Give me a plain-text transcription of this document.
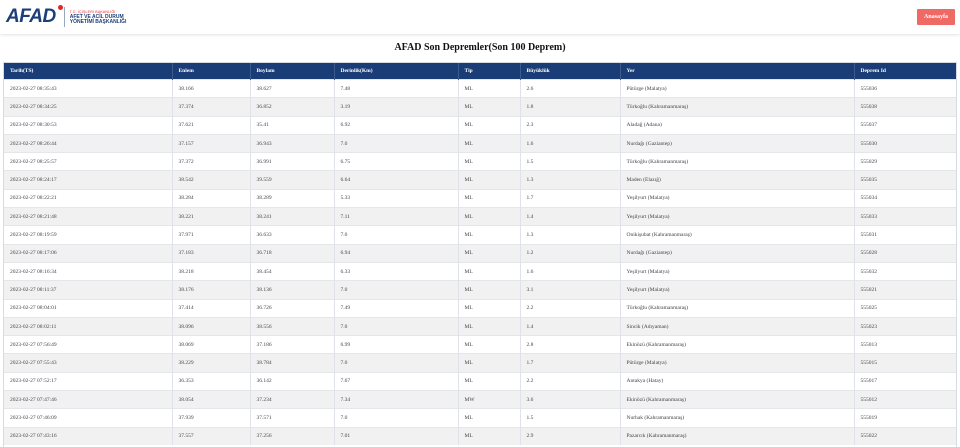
AFAD	T.C. İÇİŞLERİ BAKANLIĞI
AFET VE ACİL DURUM
YÖNETİMİ BAŞKANLIĞI
Anasayfa
AFAD Son Depremler(Son 100 Deprem)
Tarih(TS)	Enlem	Boylam	Derinlik(Km)	Tip	Büyüklük	Yer	Deprem Id
2023-02-27 08:35:43	38.166	38.627	7.48	ML	2.6	Pütürge (Malatya)	555036
2023-02-27 08:34:25	37.374	36.852	3.19	ML	1.8	Türkoğlu (Kahramanmaraş)	555038
2023-02-27 08:30:53	37.621	35.41	6.92	ML	2.3	Aladağ (Adana)	555037
2023-02-27 08:26:44	37.157	36.943	7.0	ML	1.6	Nurdağı (Gaziantep)	555030
2023-02-27 08:25:57	37.372	36.991	6.75	ML	1.5	Türkoğlu (Kahramanmaraş)	555029
2023-02-27 08:24:17	38.542	39.559	6.64	ML	1.3	Maden (Elazığ)	555035
2023-02-27 08:22:21	38.284	38.289	5.33	ML	1.7	Yeşilyurt (Malatya)	555034
2023-02-27 08:21:48	38.221	38.241	7.11	ML	1.4	Yeşilyurt (Malatya)	555033
2023-02-27 08:19:59	37.971	36.633	7.0	ML	1.3	Onikişubat (Kahramanmaraş)	555031
2023-02-27 08:17:06	37.183	36.718	6.94	ML	1.2	Nurdağı (Gaziantep)	555028
2023-02-27 08:16:34	38.218	38.454	6.33	ML	1.6	Yeşilyurt (Malatya)	555032
2023-02-27 08:11:37	38.176	38.136	7.0	ML	3.1	Yeşilyurt (Malatya)	555021
2023-02-27 08:04:01	37.414	36.726	7.49	ML	2.2	Türkoğlu (Kahramanmaraş)	555025
2023-02-27 08:02:11	38.096	38.556	7.0	ML	1.4	Sincik (Adıyaman)	555023
2023-02-27 07:56:49	38.069	37.186	6.99	ML	2.8	Ekinözü (Kahramanmaraş)	555013
2023-02-27 07:55:43	38.229	38.784	7.0	ML	1.7	Pütürge (Malatya)	555015
2023-02-27 07:52:17	36.353	36.142	7.67	ML	2.2	Antakya (Hatay)	555017
2023-02-27 07:47:46	38.054	37.234	7.34	MW	3.6	Ekinözü (Kahramanmaraş)	555012
2023-02-27 07:46:09	37.939	37.571	7.0	ML	1.5	Nurhak (Kahramanmaraş)	555019
2023-02-27 07:43:16	37.557	37.256	7.01	ML	2.9	Pazarcık (Kahramanmaraş)	555022
